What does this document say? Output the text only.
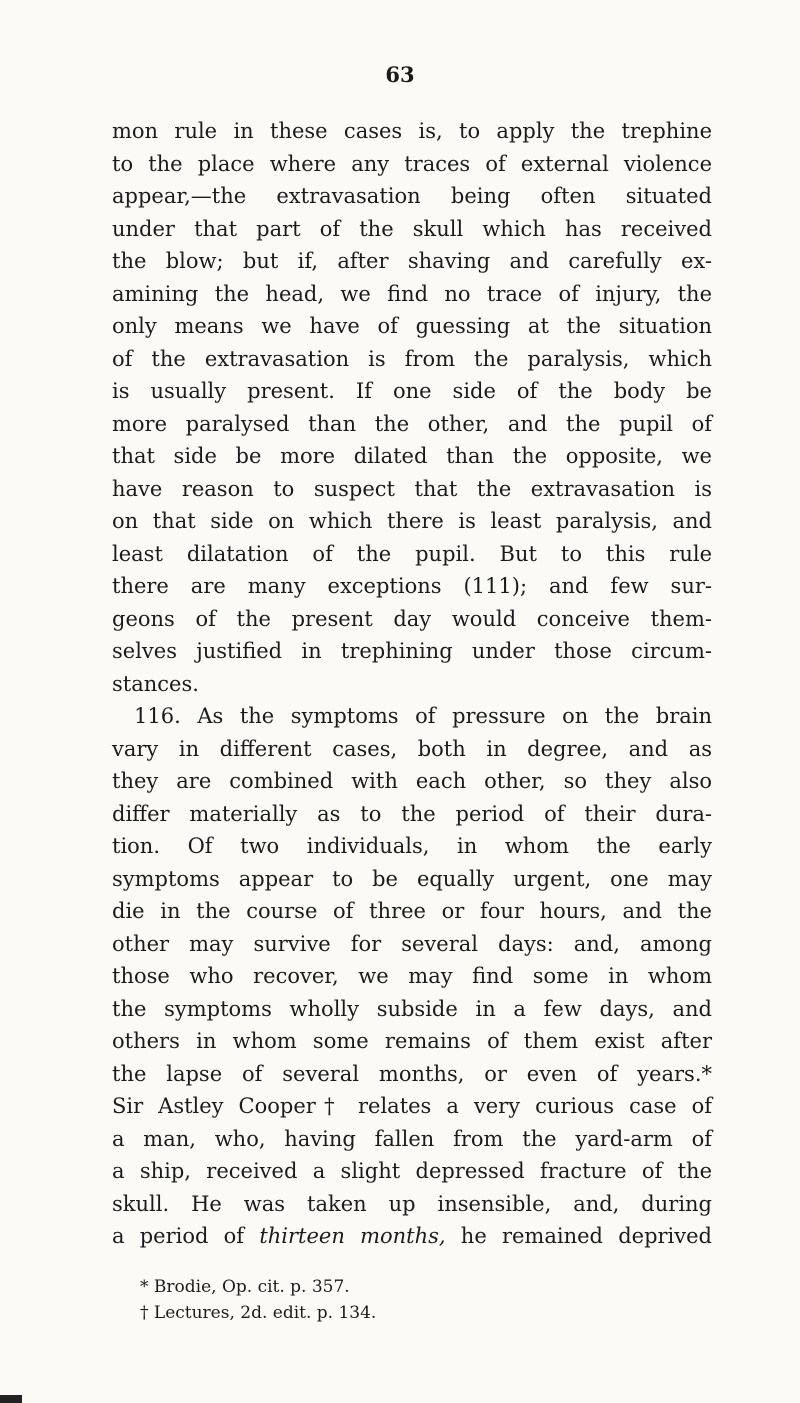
63
mon rule in these cases is, to apply the trephine
to the place where any traces of external violence
appear,—the extravasation being often situated
under that part of the skull which has received
the blow; but if, after shaving and carefully ex-
amining the head, we find no trace of injury, the
only means we have of guessing at the situation
of the extravasation is from the paralysis, which
is usually present. If one side of the body be
more paralysed than the other, and the pupil of
that side be more dilated than the opposite, we
have reason to suspect that the extravasation is
on that side on which there is least paralysis, and
least dilatation of the pupil. But to this rule
there are many exceptions (111); and few sur-
geons of the present day would conceive them-
selves justified in trephining under those circum-
stances.
116. As the symptoms of pressure on the brain
vary in different cases, both in degree, and as
they are combined with each other, so they also
differ materially as to the period of their dura-
tion. Of two individuals, in whom the early
symptoms appear to be equally urgent, one may
die in the course of three or four hours, and the
other may survive for several days: and, among
those who recover, we may find some in whom
the symptoms wholly subside in a few days, and
others in whom some remains of them exist after
the lapse of several months, or even of years.*
Sir Astley Cooper† relates a very curious case of
a man, who, having fallen from the yard-arm of
a ship, received a slight depressed fracture of the
skull. He was taken up insensible, and, during
a period of thirteen months, he remained deprived
* Brodie, Op. cit. p. 357.
† Lectures, 2d. edit. p. 134.
